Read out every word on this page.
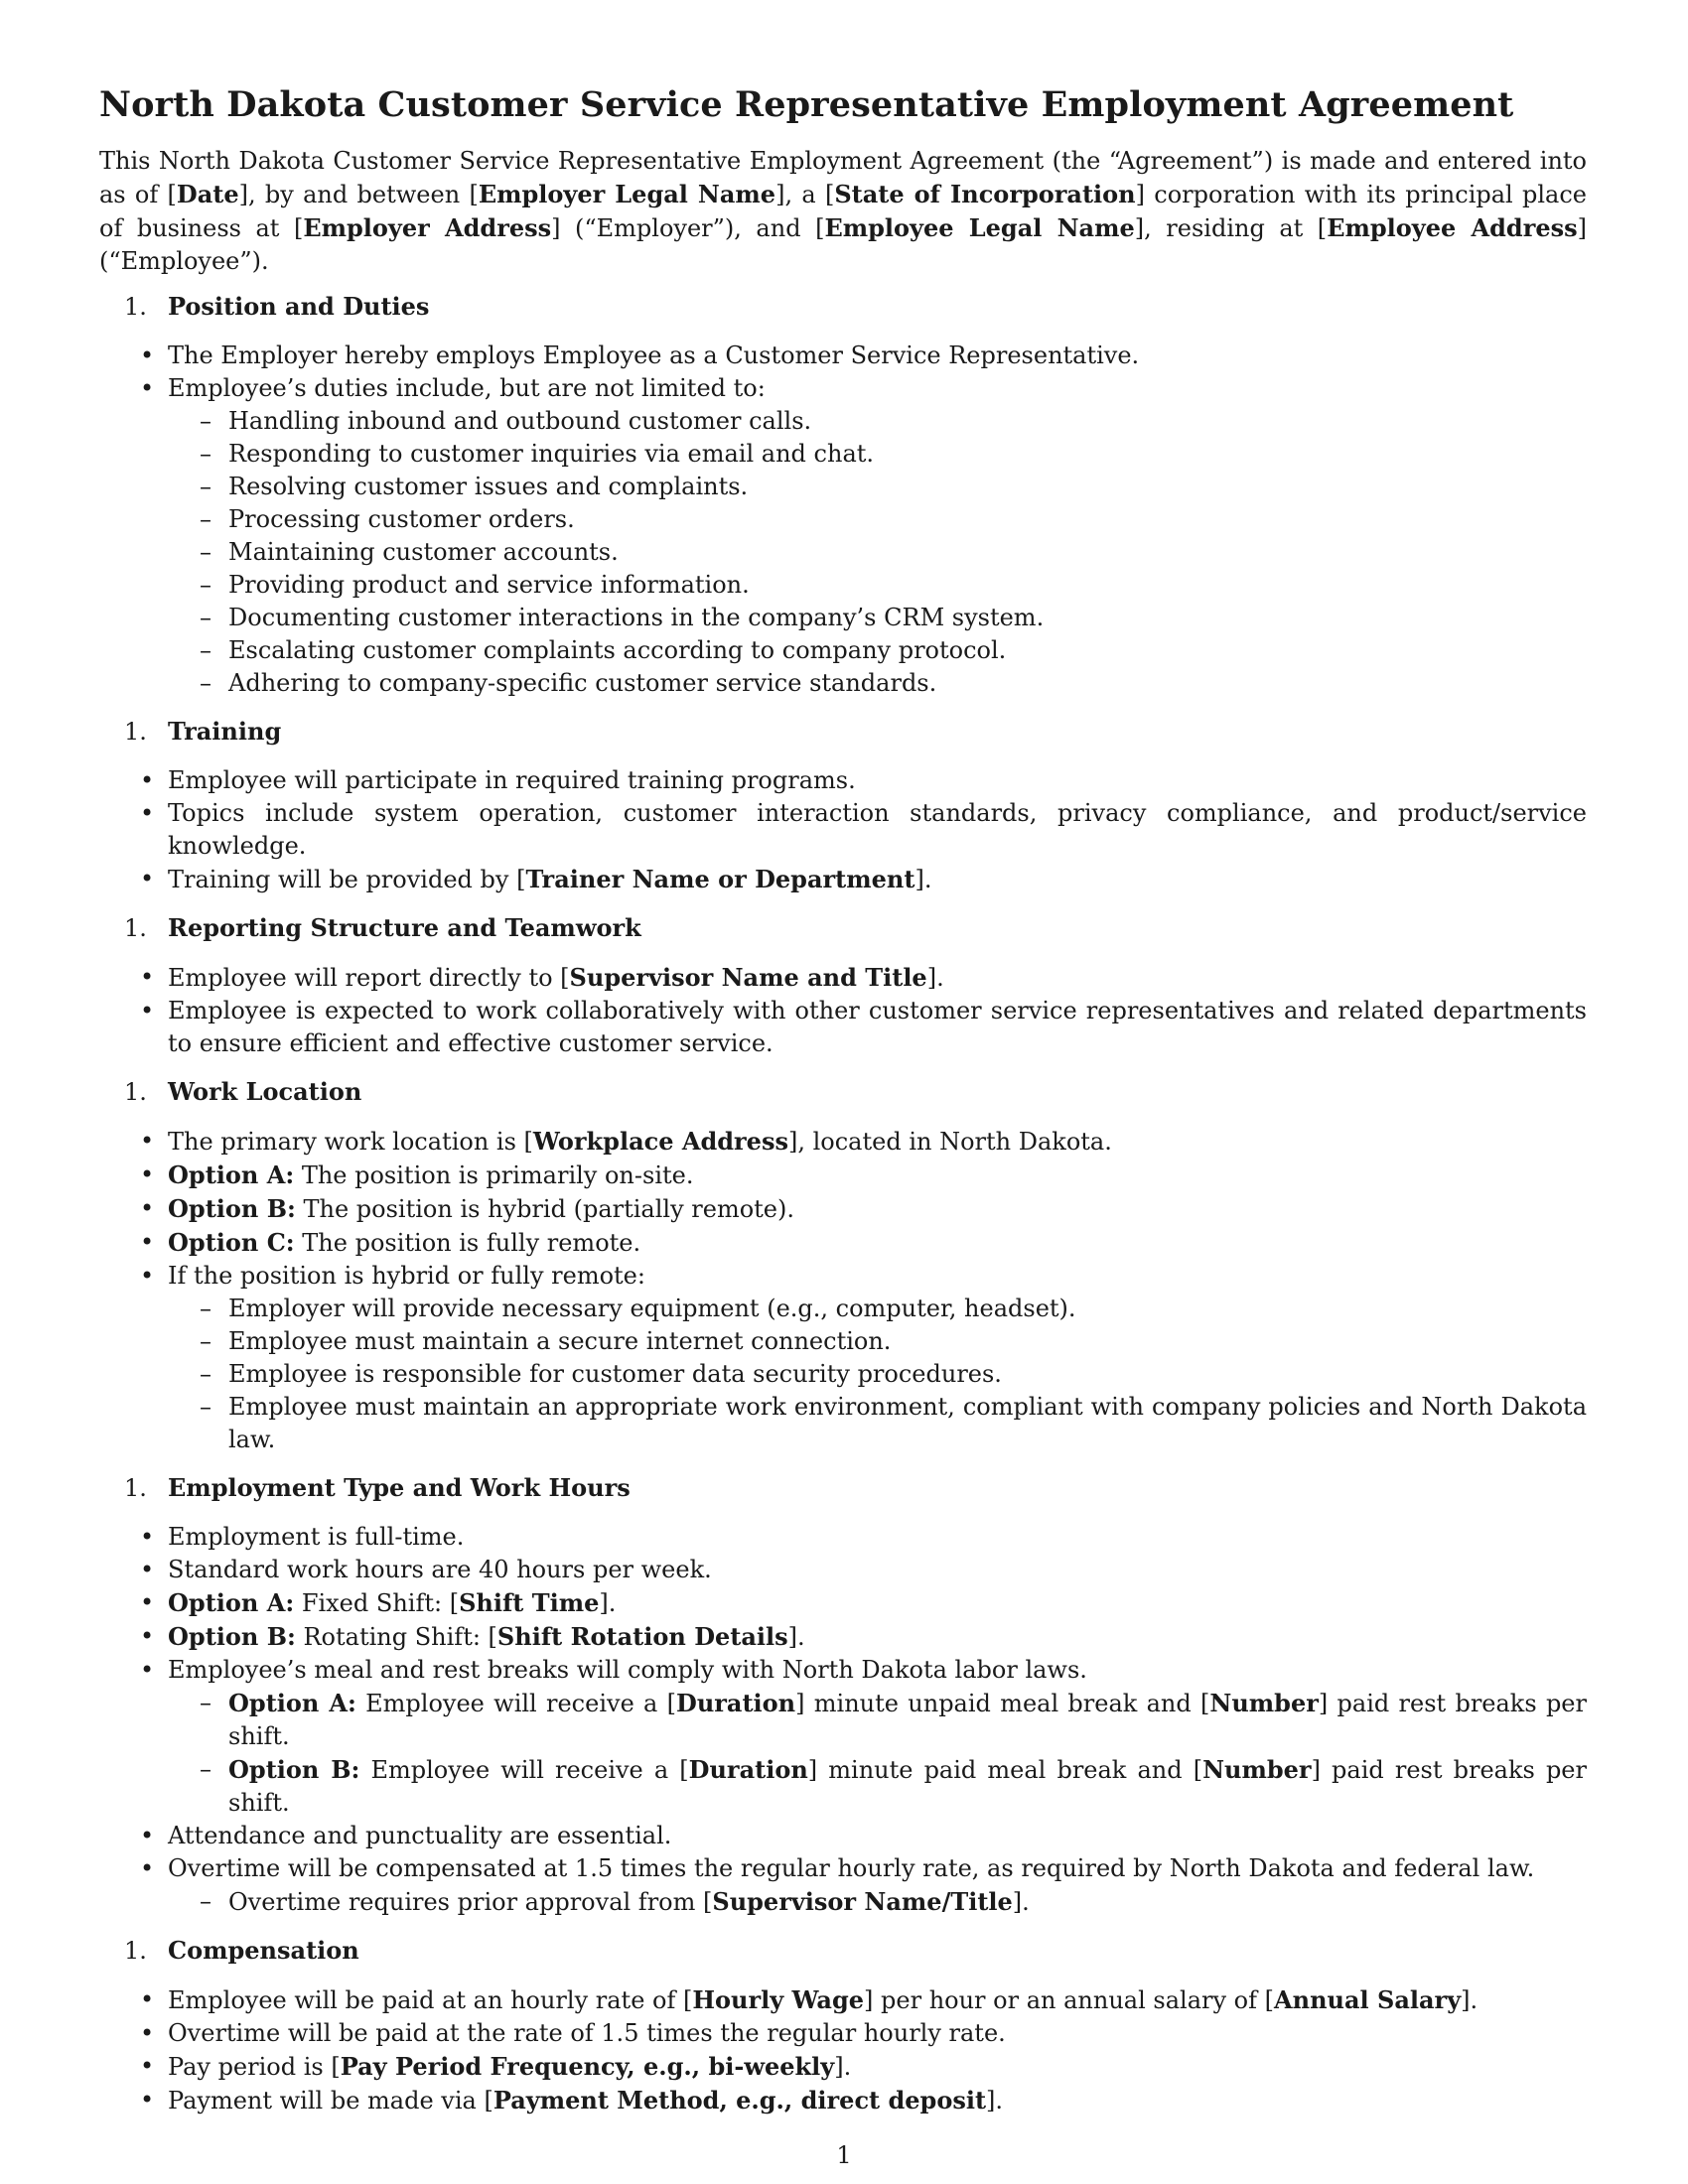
North Dakota Customer Service Representative Employment Agreement

This North Dakota Customer Service Representative Employment Agreement (the “Agreement”) is made and entered into as of [Date], by and between [Employer Legal Name], a [State of Incorporation] corporation with its principal place of business at [Employer Address] (“Employer”), and [Employee Legal Name], residing at [Employee Address] (“Employee”).

1. Position and Duties
• The Employer hereby employs Employee as a Customer Service Representative.
• Employee’s duties include, but are not limited to:
– Handling inbound and outbound customer calls.
– Responding to customer inquiries via email and chat.
– Resolving customer issues and complaints.
– Processing customer orders.
– Maintaining customer accounts.
– Providing product and service information.
– Documenting customer interactions in the company’s CRM system.
– Escalating customer complaints according to company protocol.
– Adhering to company-specific customer service standards.
1. Training
• Employee will participate in required training programs.
• Topics include system operation, customer interaction standards, privacy compliance, and product/service knowledge.
• Training will be provided by [Trainer Name or Department].
1. Reporting Structure and Teamwork
• Employee will report directly to [Supervisor Name and Title].
• Employee is expected to work collaboratively with other customer service representatives and related departments to ensure efficient and effective customer service.
1. Work Location
• The primary work location is [Workplace Address], located in North Dakota.
• Option A: The position is primarily on-site.
• Option B: The position is hybrid (partially remote).
• Option C: The position is fully remote.
• If the position is hybrid or fully remote:
– Employer will provide necessary equipment (e.g., computer, headset).
– Employee must maintain a secure internet connection.
– Employee is responsible for customer data security procedures.
– Employee must maintain an appropriate work environment, compliant with company policies and North Dakota law.
1. Employment Type and Work Hours
• Employment is full-time.
• Standard work hours are 40 hours per week.
• Option A: Fixed Shift: [Shift Time].
• Option B: Rotating Shift: [Shift Rotation Details].
• Employee’s meal and rest breaks will comply with North Dakota labor laws.
– Option A: Employee will receive a [Duration] minute unpaid meal break and [Number] paid rest breaks per shift.
– Option B: Employee will receive a [Duration] minute paid meal break and [Number] paid rest breaks per shift.
• Attendance and punctuality are essential.
• Overtime will be compensated at 1.5 times the regular hourly rate, as required by North Dakota and federal law.
– Overtime requires prior approval from [Supervisor Name/Title].
1. Compensation
• Employee will be paid at an hourly rate of [Hourly Wage] per hour or an annual salary of [Annual Salary].
• Overtime will be paid at the rate of 1.5 times the regular hourly rate.
• Pay period is [Pay Period Frequency, e.g., bi-weekly].
• Payment will be made via [Payment Method, e.g., direct deposit].
1
